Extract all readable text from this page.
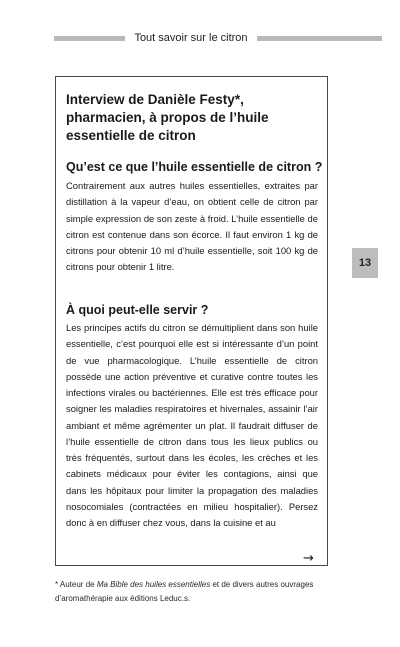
Tout savoir sur le citron
13
Interview de Danièle Festy*, pharmacien, à propos de l’huile essentielle de citron
Qu’est ce que l’huile essentielle de citron ?
Contrairement aux autres huiles essentielles, extraites par distillation à la vapeur d’eau, on obtient celle de citron par simple expression de son zeste à froid. L’huile essentielle de citron est contenue dans son écorce. Il faut environ 1 kg de citrons pour obtenir 10 ml d’huile essentielle, soit 100 kg de citrons pour obtenir 1 litre.
À quoi peut-elle servir ?
Les principes actifs du citron se démultiplient dans son huile essentielle, c’est pourquoi elle est si intéressante d’un point de vue pharmacologique. L’huile essentielle de citron possède une action préventive et curative contre toutes les infections virales ou bactériennes. Elle est très efficace pour soigner les maladies respiratoires et hivernales, assainir l’air ambiant et même agrémenter un plat. Il faudrait diffuser de l’huile essentielle de citron dans tous les lieux publics ou très fréquentés, surtout dans les écoles, les crèches et les cabinets médicaux pour éviter les contagions, ainsi que dans les hôpitaux pour limiter la propagation des maladies nosocomiales (contractées en milieu hospitalier). Persez donc à en diffuser chez vous, dans la cuisine et au
→
* Auteur de Ma Bible des huiles essentielles et de divers autres ouvrages d’aromathérapie aux éditions Leduc.s.
